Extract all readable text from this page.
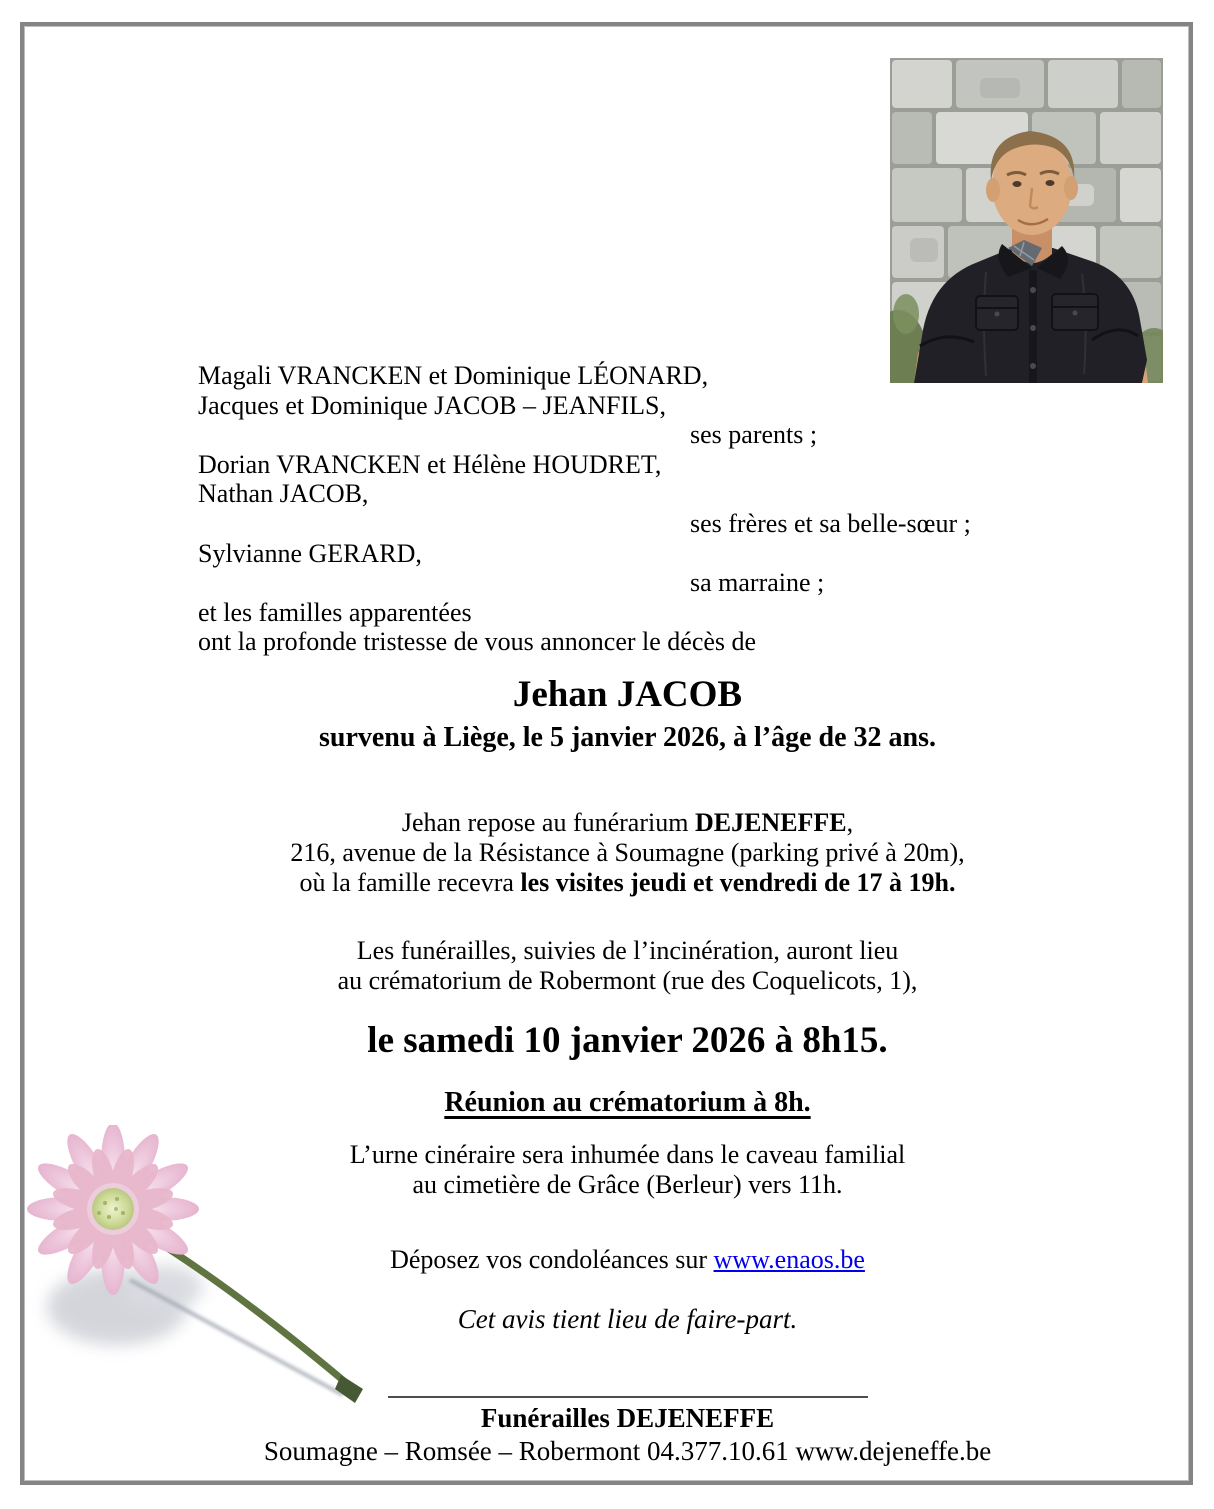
Magali VRANCKEN et Dominique LÉONARD,
Jacques et Dominique JACOB – JEANFILS,
ses parents ;
Dorian VRANCKEN et Hélène HOUDRET,
Nathan JACOB,
ses frères et sa belle-sœur ;
Sylvianne GERARD,
sa marraine ;
et les familles apparentées
ont la profonde tristesse de vous annoncer le décès de
Jehan JACOB
survenu à Liège, le 5 janvier 2026, à l’âge de 32 ans.
Jehan repose au funérarium DEJENEFFE,
216, avenue de la Résistance à Soumagne (parking privé à 20m),
où la famille recevra les visites jeudi et vendredi de 17 à 19h.
Les funérailles, suivies de l’incinération, auront lieu
au crématorium de Robermont (rue des Coquelicots, 1),
le samedi 10 janvier 2026 à 8h15.
Réunion au crématorium à 8h.
L’urne cinéraire sera inhumée dans le caveau familial
au cimetière de Grâce (Berleur) vers 11h.
Déposez vos condoléances sur www.enaos.be
Cet avis tient lieu de faire-part.
Funérailles DEJENEFFE
Soumagne – Romsée – Robermont 04.377.10.61 www.dejeneffe.be
